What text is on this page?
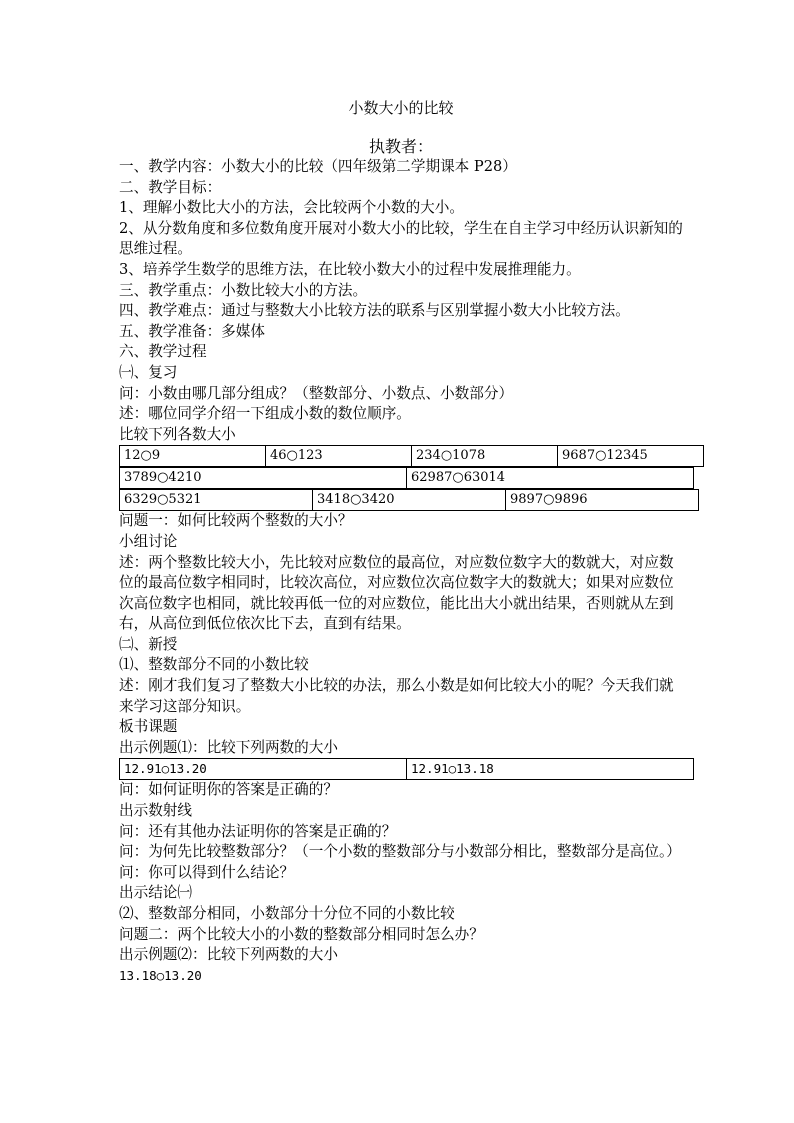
小数大小的比较
执教者：
一、教学内容：小数大小的比较（四年级第二学期课本 P28）
二、教学目标：
1、理解小数比大小的方法，会比较两个小数的大小。
2、从分数角度和多位数角度开展对小数大小的比较，学生在自主学习中经历认识新知的思维过程。
3、培养学生数学的思维方法，在比较小数大小的过程中发展推理能力。
三、教学重点：小数比较大小的方法。
四、教学难点：通过与整数大小比较方法的联系与区别掌握小数大小比较方法。
五、教学准备：多媒体
六、教学过程
㈠、复习
问：小数由哪几部分组成？（整数部分、小数点、小数部分）
述：哪位同学介绍一下组成小数的数位顺序。
比较下列各数大小
12○9	46○123	234○1078	9687○12345
3789○4210	62987○63014
6329○5321	3418○3420	9897○9896
问题一：如何比较两个整数的大小？
小组讨论
述：两个整数比较大小，先比较对应数位的最高位，对应数位数字大的数就大，对应数位的最高位数字相同时，比较次高位，对应数位次高位数字大的数就大；如果对应数位次高位数字也相同，就比较再低一位的对应数位，能比出大小就出结果，否则就从左到右，从高位到低位依次比下去，直到有结果。
㈡、新授
⑴、整数部分不同的小数比较
述：刚才我们复习了整数大小比较的办法，那么小数是如何比较大小的呢？今天我们就来学习这部分知识。
板书课题
出示例题⑴：比较下列两数的大小
12.91○13.20	12.91○13.18
问：如何证明你的答案是正确的？
出示数射线
问：还有其他办法证明你的答案是正确的？
问：为何先比较整数部分？（一个小数的整数部分与小数部分相比，整数部分是高位。）
问：你可以得到什么结论？
出示结论㈠
⑵、整数部分相同，小数部分十分位不同的小数比较
问题二：两个比较大小的小数的整数部分相同时怎么办？
出示例题⑵：比较下列两数的大小
13.18○13.20
